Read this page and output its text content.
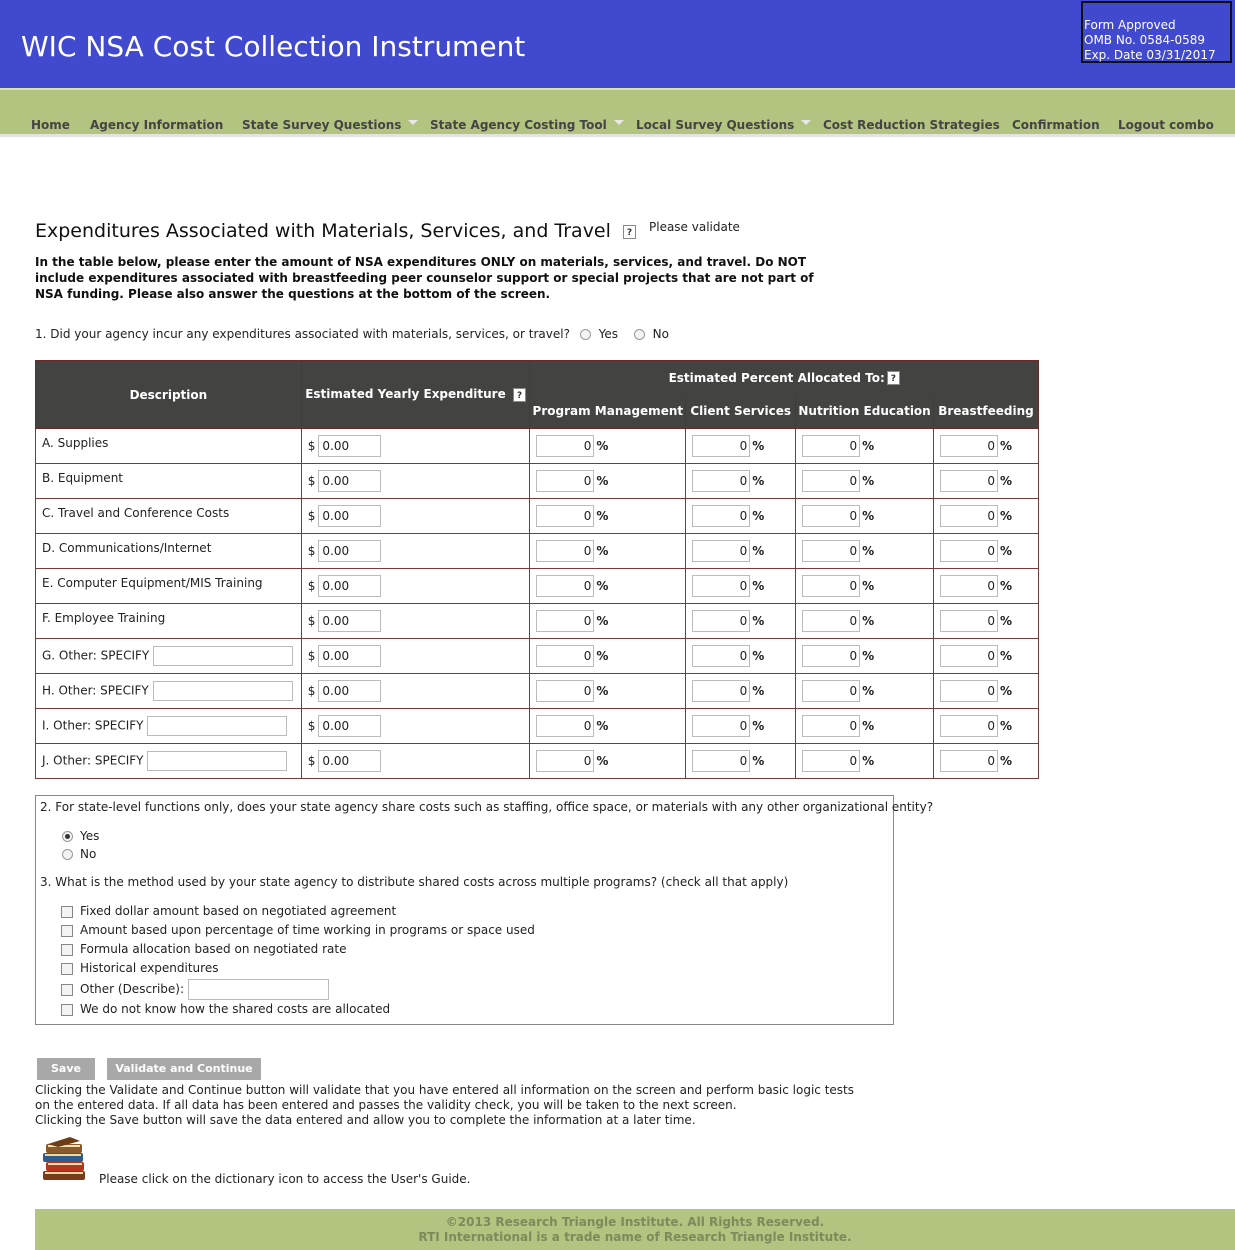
WIC NSA Cost Collection Instrument
Form Approved
OMB No. 0584-0589
Exp. Date 03/31/2017
Home Agency Information State Survey Questions	State Agency Costing Tool	Local Survey Questions	Cost Reduction Strategies Confirmation Logout combo
Expenditures Associated with Materials, Services, and Travel ?	Please validate
In the table below, please enter the amount of NSA expenditures ONLY on materials, services, and travel. Do NOT include expenditures associated with breastfeeding peer counselor support or special projects that are not part of NSA funding. Please also answer the questions at the bottom of the screen.
1. Did your agency incur any expenditures associated with materials, services, or travel? Yes	No
Description	Estimated Yearly Expenditure ?	Estimated Percent Allocated To: ?			
		Program Management	Client Services	Nutrition Education	Breastfeeding
A. Supplies	$ 0.00	0 %	0 %	0 %	0 %
B. Equipment	$ 0.00	0 %	0 %	0 %	0 %
C. Travel and Conference Costs	$ 0.00	0 %	0 %	0 %	0 %
D. Communications/Internet	$ 0.00	0 %	0 %	0 %	0 %
E. Computer Equipment/MIS Training	$ 0.00	0 %	0 %	0 %	0 %
F. Employee Training	$ 0.00	0 %	0 %	0 %	0 %
G. Other: SPECIFY	$ 0.00	0 %	0 %	0 %	0 %
H. Other: SPECIFY	$ 0.00	0 %	0 %	0 %	0 %
I. Other: SPECIFY	$ 0.00	0 %	0 %	0 %	0 %
J. Other: SPECIFY	$ 0.00	0 %	0 %	0 %	0 %
2. For state-level functions only, does your state agency share costs such as staffing, office space, or materials with any other organizational entity?
Yes
No
3. What is the method used by your state agency to distribute shared costs across multiple programs? (check all that apply)
Fixed dollar amount based on negotiated agreement
Amount based upon percentage of time working in programs or space used
Formula allocation based on negotiated rate
Historical expenditures
Other (Describe):
We do not know how the shared costs are allocated
Save	Validate and Continue
Clicking the Validate and Continue button will validate that you have entered all information on the screen and perform basic logic tests on the entered data. If all data has been entered and passes the validity check, you will be taken to the next screen.
Clicking the Save button will save the data entered and allow you to complete the information at a later time.
Please click on the dictionary icon to access the User's Guide.
©2013 Research Triangle Institute. All Rights Reserved.
RTI International is a trade name of Research Triangle Institute.
